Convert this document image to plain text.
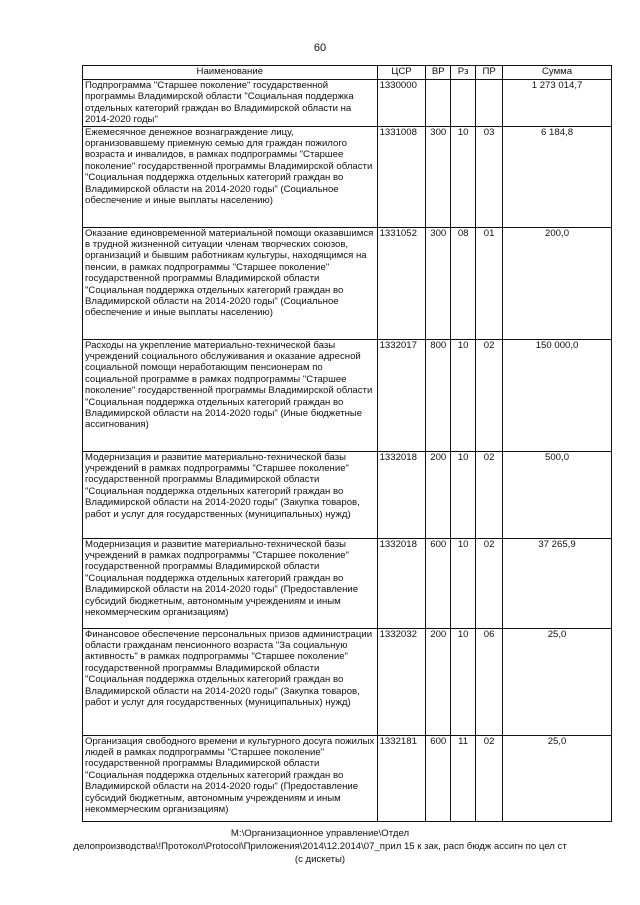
60
Наименование	ЦСР	ВР	Рз	ПР	Сумма
Подпрограмма "Старшее поколение" государственной программы Владимирской области "Социальная поддержка отдельных категорий граждан во Владимирской области на 2014-2020 годы"	1330000				1 273 014,7
Ежемесячное денежное вознаграждение лицу, организовавшему приемную семью для граждан пожилого возраста и инвалидов, в рамках подпрограммы "Старшее поколение" государственной программы Владимирской области "Социальная поддержка отдельных категорий граждан во Владимирской области на 2014-2020 годы" (Социальное обеспечение и иные выплаты населению)	1331008	300	10	03	6 184,8
Оказание единовременной материальной помощи оказавшимся в трудной жизненной ситуации членам творческих союзов, организаций и бывшим работникам культуры, находящимся на пенсии, в рамках подпрограммы "Старшее поколение" государственной программы Владимирской области "Социальная поддержка отдельных категорий граждан во Владимирской области на 2014-2020 годы" (Социальное обеспечение и иные выплаты населению)	1331052	300	08	01	200,0
Расходы на укрепление материально-технической базы учреждений социального обслуживания и оказание адресной социальной помощи неработающим пенсионерам по социальной программе в рамках подпрограммы "Старшее поколение" государственной программы Владимирской области "Социальная поддержка отдельных категорий граждан во Владимирской области на 2014-2020 годы" (Иные бюджетные ассигнования)	1332017	800	10	02	150 000,0
Модернизация и развитие материально-технической базы учреждений в рамках подпрограммы "Старшее поколение" государственной программы Владимирской области "Социальная поддержка отдельных категорий граждан во Владимирской области на 2014-2020 годы" (Закупка товаров, работ и услуг для государственных (муниципальных) нужд)	1332018	200	10	02	500,0
Модернизация и развитие материально-технической базы учреждений в рамках подпрограммы "Старшее поколение" государственной программы Владимирской области "Социальная поддержка отдельных категорий граждан во Владимирской области на 2014-2020 годы" (Предоставление субсидий бюджетным, автономным учреждениям и иным некоммерческим организациям)	1332018	600	10	02	37 265,9
Финансовое обеспечение персональных призов администрации области гражданам пенсионного возраста "За социальную активность" в рамках подпрограммы "Старшее поколение" государственной программы Владимирской области "Социальная поддержка отдельных категорий граждан во Владимирской области на 2014-2020 годы" (Закупка товаров, работ и услуг для государственных (муниципальных) нужд)	1332032	200	10	06	25,0
Организация свободного времени и культурного досуга пожилых людей в рамках подпрограммы "Старшее поколение" государственной программы Владимирской области "Социальная поддержка отдельных категорий граждан во Владимирской области на 2014-2020 годы" (Предоставление субсидий бюджетным, автономным учреждениям и иным некоммерческим организациям)	1332181	600	11	02	25,0
M:\Организационное управление\Отдел
делопроизводства\!Протокол\Protocol\Приложения\2014\12.2014\07_прил 15 к зак, расп бюдж ассигн по цел ст
(с дискеты)
